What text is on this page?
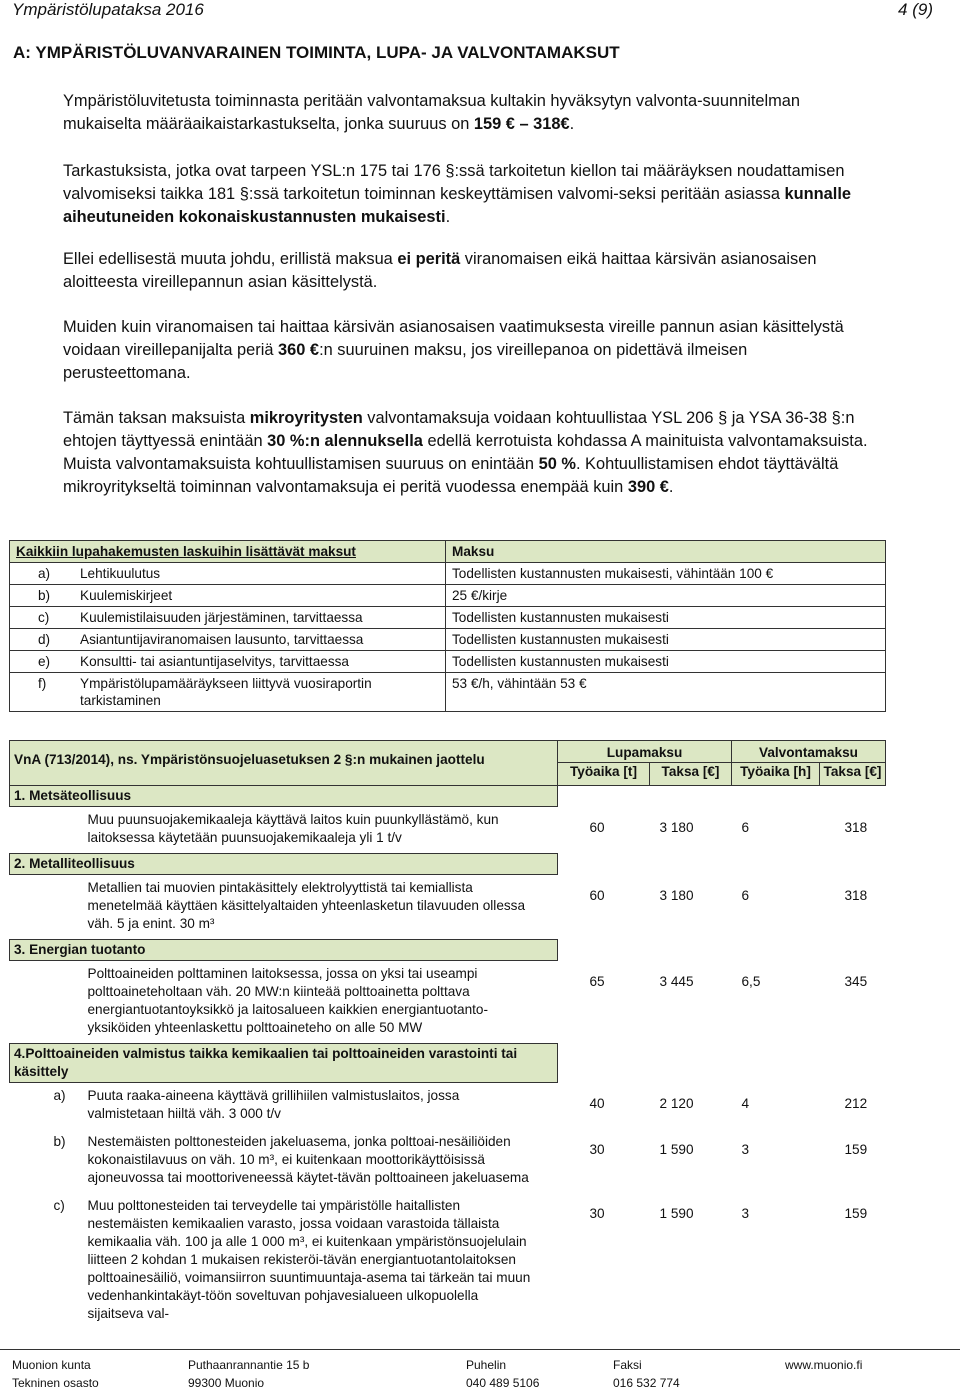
Ympäristölupataksa 2016	4 (9)
A: YMPÄRISTÖLUVANVARAINEN TOIMINTA, LUPA- JA VALVONTAMAKSUT

Ympäristöluvitetusta toiminnasta peritään valvontamaksua kultakin hyväksytyn valvonta-suunnitelman mukaiselta määräaikaistarkastukselta, jonka suuruus on 159 € – 318€.

Tarkastuksista, jotka ovat tarpeen YSL:n 175 tai 176 §:ssä tarkoitetun kiellon tai määräyksen noudattamisen valvomiseksi taikka 181 §:ssä tarkoitetun toiminnan keskeyttämisen valvomi-seksi peritään asiassa kunnalle aiheutuneiden kokonaiskustannusten mukaisesti.

Ellei edellisestä muuta johdu, erillistä maksua ei peritä viranomaisen eikä haittaa kärsivän asianosaisen aloitteesta vireillepannun asian käsittelystä.

Muiden kuin viranomaisen tai haittaa kärsivän asianosaisen vaatimuksesta vireille pannun asian käsittelystä voidaan vireillepanijalta periä 360 €:n suuruinen maksu, jos vireillepanoa on pidettävä ilmeisen perusteettomana.

Tämän taksan maksuista mikroyritysten valvontamaksuja voidaan kohtuullistaa YSL 206 § ja YSA 36-38 §:n ehtojen täyttyessä enintään 30 %:n alennuksella edellä kerrotuista kohdassa A mainituista valvontamaksuista. Muista valvontamaksuista kohtuullistamisen suuruus on enintään 50 %. Kohtuullistamisen ehdot täyttävältä mikroyritykseltä toiminnan valvontamaksuja ei peritä vuodessa enempää kuin 390 €.

Kaikkiin lupahakemusten laskuihin lisättävät maksut	Maksu
a) Lehtikuulutus	Todellisten kustannusten mukaisesti, vähintään 100 €
b) Kuulemiskirjeet	25 €/kirje
c) Kuulemistilaisuuden järjestäminen, tarvittaessa	Todellisten kustannusten mukaisesti
d) Asiantuntijaviranomaisen lausunto, tarvittaessa	Todellisten kustannusten mukaisesti
e) Konsultti- tai asiantuntijaselvitys, tarvittaessa	Todellisten kustannusten mukaisesti
f) Ympäristölupamääräykseen liittyvä vuosiraportin tarkistaminen	53 €/h, vähintään 53 €
VnA (713/2014), ns. Ympäristönsuojeluasetuksen 2 §:n mukainen jaottelu	Lupamaksu		Valvontamaksu	
	Työaika [t]	Taksa [€]	Työaika [h]	Taksa [€]
1. Metsäteollisuus				
Muu puunsuojakemikaaleja käyttävä laitos kuin puunkyllästämö, kun laitoksessa käytetään puunsuojakemikaaleja yli 1 t/v	60	3 180	6	318
2. Metalliteollisuus				
Metallien tai muovien pintakäsittely elektrolyyttistä tai kemiallista menetelmää käyttäen käsittelyaltaiden yhteenlasketun tilavuuden ollessa väh. 5 ja enint. 30 m³	60	3 180	6	318
3. Energian tuotanto				
Polttoaineiden polttaminen laitoksessa, jossa on yksi tai useampi polttoaineteholtaan väh. 20 MW:n kiinteää polttoainetta polttava energiantuotantoyksikkö ja laitosalueen kaikkien energiantuotanto-yksiköiden yhteenlaskettu polttoaineteho on alle 50 MW	65	3 445	6,5	345
4.Polttoaineiden valmistus taikka kemikaalien tai polttoaineiden varastointi tai käsittely				
a) Puuta raaka-aineena käyttävä grillihiilen valmistuslaitos, jossa valmistetaan hiiltä väh. 3 000 t/v	40	2 120	4	212
b) Nestemäisten polttonesteiden jakeluasema, jonka polttoai-nesäiliöiden kokonaistilavuus on väh. 10 m³, ei kuitenkaan moottorikäyttöisissä ajoneuvossa tai moottoriveneessä käytet-tävän polttoaineen jakeluasema	30	1 590	3	159
c) Muu polttonesteiden tai terveydelle tai ympäristölle haitallisten nestemäisten kemikaalien varasto, jossa voidaan varastoida tällaista kemikaalia väh. 100 ja alle 1 000 m³, ei kuitenkaan ympäristönsuojelulain liitteen 2 kohdan 1 mukaisen rekisteröi-tävän energiantuotantolaitoksen polttoainesäiliö, voimansiirron suuntimuuntaja-asema tai tärkeän tai muun vedenhankintakäyt-töön soveltuvan pohjavesialueen ulkopuolella sijaitseva val-	30	1 590	3	159
Muonion kunta
Tekninen osasto
Puthaanrannantie 15 b
99300 Muonio
Puhelin
040 489 5106
Faksi
016 532 774
www.muonio.fi
